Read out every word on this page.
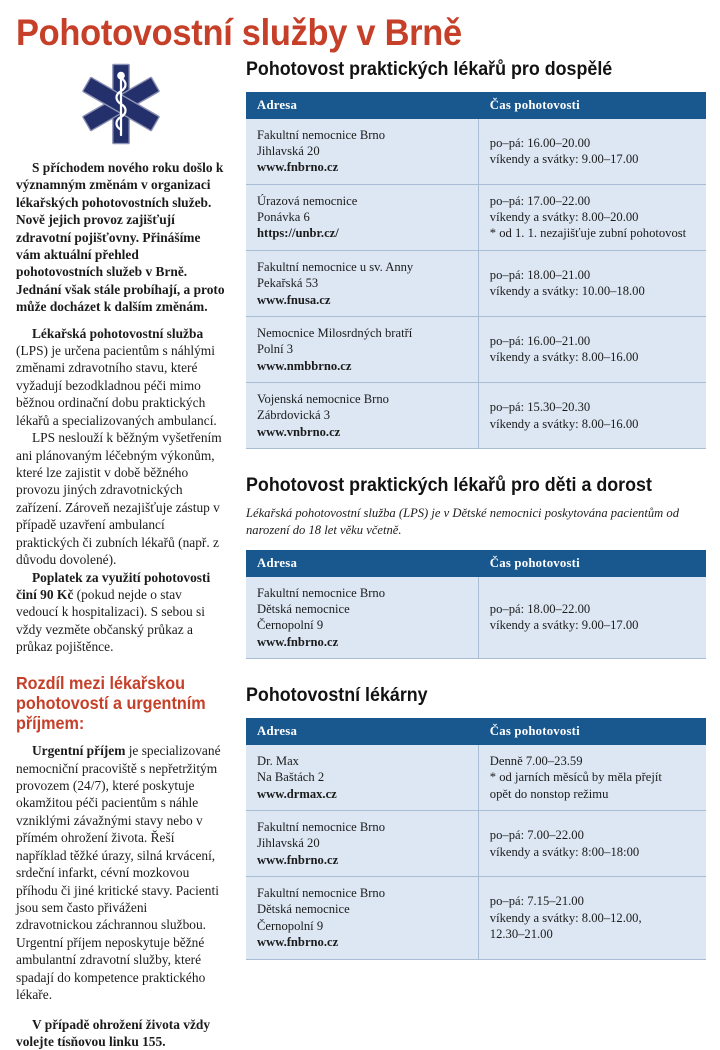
Pohotovostní služby v Brně

S příchodem nového roku došlo k významným změnám v organizaci lékařských pohotovostních služeb. Nově jejich provoz zajišťují zdravotní pojišťovny. Přinášíme vám aktuální přehled pohotovostních služeb v Brně. Jednání však stále probíhají, a proto může docházet k dalším změnám.

Lékařská pohotovostní služba (LPS) je určena pacientům s náhlými změnami zdravotního stavu, které vyžadují bezodkladnou péči mimo běžnou ordinační dobu praktických lékařů a specializovaných ambulancí.

LPS neslouží k běžným vyšetřením ani plánovaným léčebným výkonům, které lze zajistit v době běžného provozu jiných zdravotnických zařízení. Zároveň nezajišťuje zástup v případě uzavření ambulancí praktických či zubních lékařů (např. z důvodu dovolené).

Poplatek za využití pohotovosti činí 90 Kč (pokud nejde o stav vedoucí k hospitalizaci). S sebou si vždy vezměte občanský průkaz a průkaz pojištěnce.

Rozdíl mezi lékařskou pohotovostí a urgentním příjmem:

Urgentní příjem je specializované nemocniční pracoviště s nepřetržitým provozem (24/7), které poskytuje okamžitou péči pacientům s náhle vzniklými závažnými stavy nebo v přímém ohrožení života. Řeší například těžké úrazy, silná krvácení, srdeční infarkt, cévní mozkovou příhodu či jiné kritické stavy. Pacienti jsou sem často přiváženi zdravotnickou záchrannou službou. Urgentní příjem neposkytuje běžné ambulantní zdravotní služby, které spadají do kompetence praktického lékaře.

V případě ohrožení života vždy volejte tísňovou linku 155.

Pohotovost praktických lékařů pro dospělé
Adresa	Čas pohotovosti

Fakultní nemocnice Brno
Jihlavská 20
www.fnbrno.cz	po–pá: 16.00–20.00
víkendy a svátky: 9.00–17.00

Úrazová nemocnice
Ponávka 6
https://unbr.cz/	po–pá: 17.00–22.00
víkendy a svátky: 8.00–20.00
* od 1. 1. nezajišťuje zubní pohotovost

Fakultní nemocnice u sv. Anny
Pekařská 53
www.fnusa.cz	po–pá: 18.00–21.00
víkendy a svátky: 10.00–18.00

Nemocnice Milosrdných bratří
Polní 3
www.nmbbrno.cz	po–pá: 16.00–21.00
víkendy a svátky: 8.00–16.00

Vojenská nemocnice Brno
Zábrdovická 3
www.vnbrno.cz	po–pá: 15.30–20.30
víkendy a svátky: 8.00–16.00
Pohotovost praktických lékařů pro děti a dorost

Lékařská pohotovostní služba (LPS) je v Dětské nemocnici poskytována pacientům od narození do 18 let věku včetně.

Adresa	Čas pohotovosti

Fakultní nemocnice Brno
Dětská nemocnice
Černopolní 9
www.fnbrno.cz	po–pá: 18.00–22.00
víkendy a svátky: 9.00–17.00
Pohotovostní lékárny
Adresa	Čas pohotovosti

Dr. Max
Na Baštách 2
www.drmax.cz	Denně 7.00–23.59
* od jarních měsíců by měla přejít
opět do nonstop režimu

Fakultní nemocnice Brno
Jihlavská 20
www.fnbrno.cz	po–pá: 7.00–22.00
víkendy a svátky: 8:00–18:00

Fakultní nemocnice Brno
Dětská nemocnice
Černopolní 9
www.fnbrno.cz	po–pá: 7.15–21.00
víkendy a svátky: 8.00–12.00,
12.30–21.00
